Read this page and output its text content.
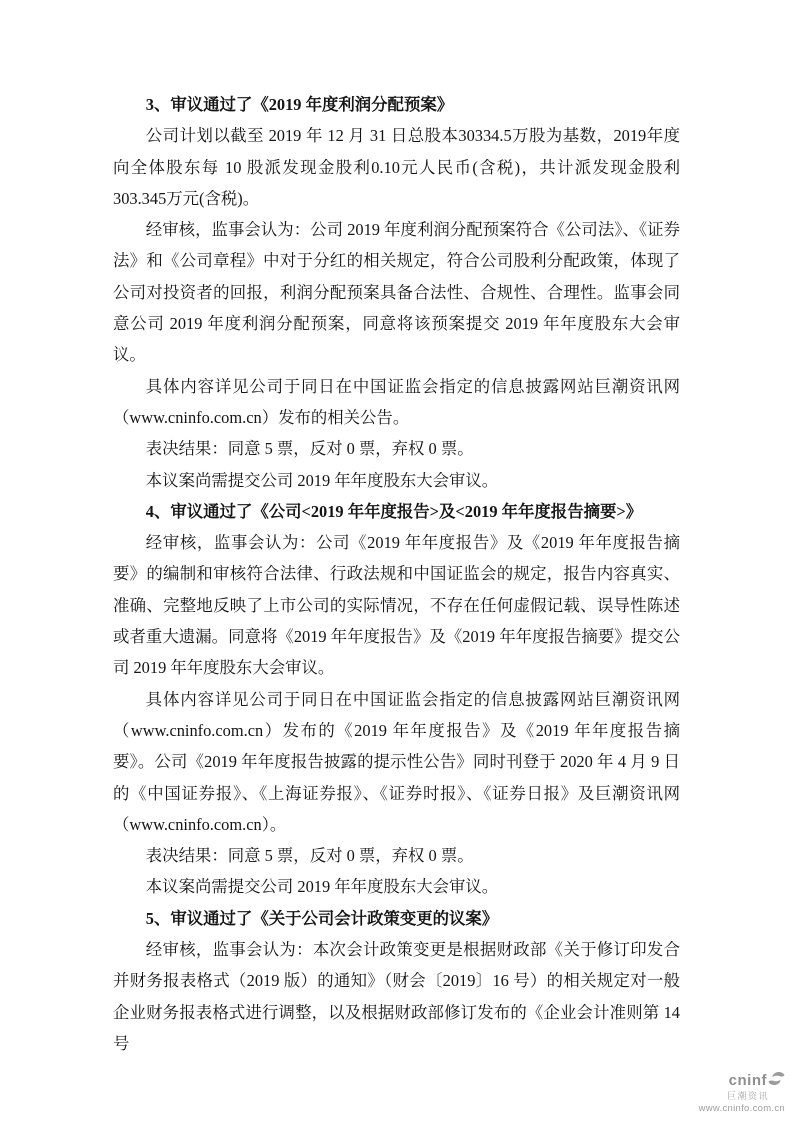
3、审议通过了《2019 年度利润分配预案》

公司计划以截至 2019 年 12 月 31 日总股本30334.5万股为基数，2019年度向全体股东每 10 股派发现金股利0.10元人民币(含税)，共计派发现金股利303.345万元(含税)。

经审核，监事会认为：公司 2019 年度利润分配预案符合《公司法》、《证券法》和《公司章程》中对于分红的相关规定，符合公司股利分配政策，体现了公司对投资者的回报，利润分配预案具备合法性、合规性、合理性。监事会同意公司 2019 年度利润分配预案，同意将该预案提交 2019 年年度股东大会审议。

具体内容详见公司于同日在中国证监会指定的信息披露网站巨潮资讯网（www.cninfo.com.cn）发布的相关公告。

表决结果：同意 5 票，反对 0 票，弃权 0 票。

本议案尚需提交公司 2019 年年度股东大会审议。

4、审议通过了《公司<2019 年年度报告>及<2019 年年度报告摘要>》

经审核，监事会认为：公司《2019 年年度报告》及《2019 年年度报告摘要》的编制和审核符合法律、行政法规和中国证监会的规定，报告内容真实、准确、完整地反映了上市公司的实际情况，不存在任何虚假记载、误导性陈述或者重大遗漏。同意将《2019 年年度报告》及《2019 年年度报告摘要》提交公司 2019 年年度股东大会审议。

具体内容详见公司于同日在中国证监会指定的信息披露网站巨潮资讯网（www.cninfo.com.cn）发布的《2019 年年度报告》及《2019 年年度报告摘要》。公司《2019 年年度报告披露的提示性公告》同时刊登于 2020 年 4 月 9 日的《中国证券报》、《上海证券报》、《证券时报》、《证券日报》及巨潮资讯网（www.cninfo.com.cn）。

表决结果：同意 5 票，反对 0 票，弃权 0 票。

本议案尚需提交公司 2019 年年度股东大会审议。

5、审议通过了《关于公司会计政策变更的议案》

经审核，监事会认为：本次会计政策变更是根据财政部《关于修订印发合并财务报表格式（2019 版）的通知》（财会〔2019〕16 号）的相关规定对一般企业财务报表格式进行调整，以及根据财政部修订发布的《企业会计准则第 14 号

cninf
巨潮资讯
www.cninfo.com.cn
